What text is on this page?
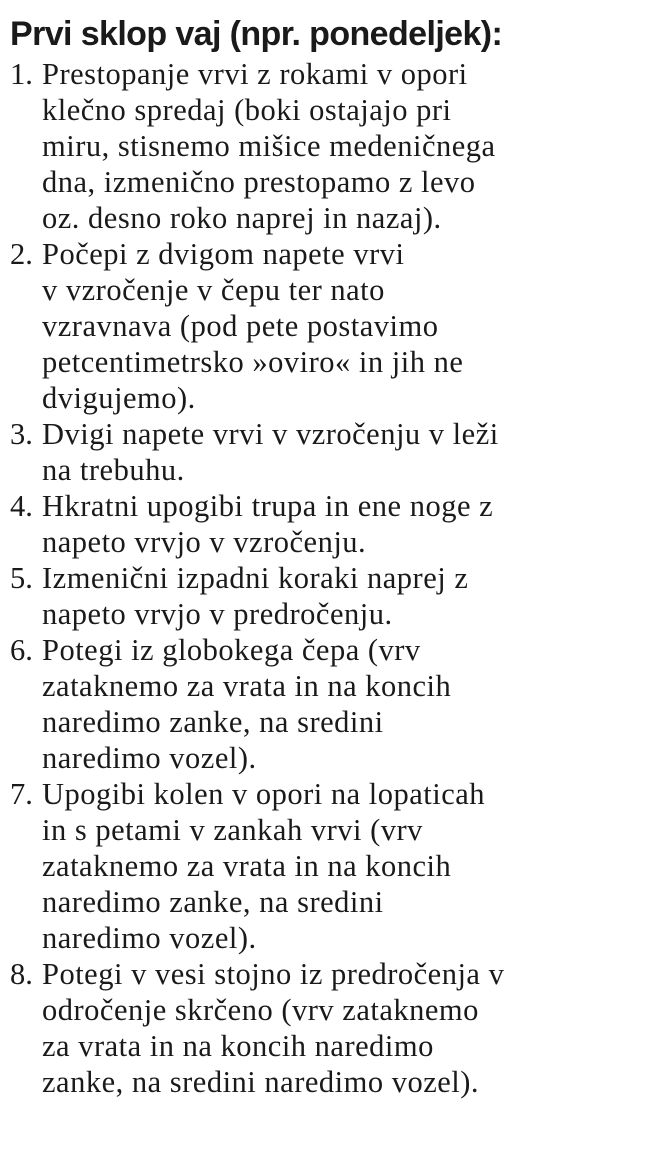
Prvi sklop vaj (npr. ponedeljek):
1. Prestopanje vrvi z rokami v opori
klečno spredaj (boki ostajajo pri
miru, stisnemo mišice medeničnega
dna, izmenično prestopamo z levo
oz. desno roko naprej in nazaj).
2. Počepi z dvigom napete vrvi
v vzročenje v čepu ter nato
vzravnava (pod pete postavimo
petcentimetrsko »oviro« in jih ne
dvigujemo).
3. Dvigi napete vrvi v vzročenju v leži
na trebuhu.
4. Hkratni upogibi trupa in ene noge z
napeto vrvjo v vzročenju.
5. Izmenični izpadni koraki naprej z
napeto vrvjo v predročenju.
6. Potegi iz globokega čepa (vrv
zataknemo za vrata in na koncih
naredimo zanke, na sredini
naredimo vozel).
7. Upogibi kolen v opori na lopaticah
in s petami v zankah vrvi (vrv
zataknemo za vrata in na koncih
naredimo zanke, na sredini
naredimo vozel).
8. Potegi v vesi stojno iz predročenja v
odročenje skrčeno (vrv zataknemo
za vrata in na koncih naredimo
zanke, na sredini naredimo vozel).
